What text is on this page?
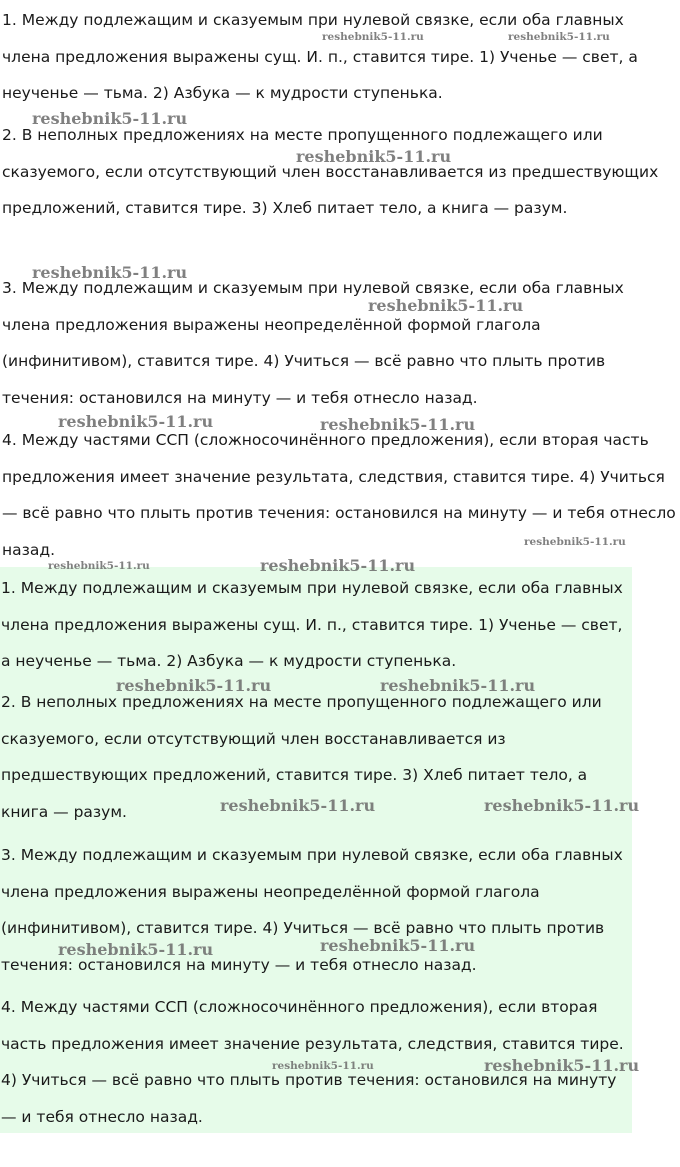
1. Между подлежащим и сказуемым при нулевой связке, если оба главных члена предложения выражены сущ. И. п., ставится тире. 1) Ученье — свет, а неученье — тьма. 2) Азбука — к мудрости ступенька.

2. В неполных предложениях на месте пропущенного подлежащего или сказуемого, если отсутствующий член восстанавливается из предшествующих предложений, ставится тире. 3) Хлеб питает тело, а книга — разум.

3. Между подлежащим и сказуемым при нулевой связке, если оба главных члена предложения выражены неопределённой формой глагола (инфинитивом), ставится тире. 4) Учиться — всё равно что плыть против течения: остановился на минуту — и тебя отнесло назад.

4. Между частями ССП (сложносочинённого предложения), если вторая часть предложения имеет значение результата, следствия, ставится тире. 4) Учиться — всё равно что плыть против течения: остановился на минуту — и тебя отнесло назад.

1. Между подлежащим и сказуемым при нулевой связке, если оба главных члена предложения выражены сущ. И. п., ставится тире. 1) Ученье — свет, а неученье — тьма. 2) Азбука — к мудрости ступенька.

2. В неполных предложениях на месте пропущенного подлежащего или сказуемого, если отсутствующий член восстанавливается из предшествующих предложений, ставится тире. 3) Хлеб питает тело, а книга — разум.

3. Между подлежащим и сказуемым при нулевой связке, если оба главных члена предложения выражены неопределённой формой глагола (инфинитивом), ставится тире. 4) Учиться — всё равно что плыть против течения: остановился на минуту — и тебя отнесло назад.

4. Между частями ССП (сложносочинённого предложения), если вторая часть предложения имеет значение результата, следствия, ставится тире. 4) Учиться — всё равно что плыть против течения: остановился на минуту — и тебя отнесло назад.

reshebnik5-11.ru	reshebnik5-11.ru
reshebnik5-11.ru
reshebnik5-11.ru
reshebnik5-11.ru
reshebnik5-11.ru
reshebnik5-11.ru	reshebnik5-11.ru
reshebnik5-11.ru
reshebnik5-11.ru	reshebnik5-11.ru
reshebnik5-11.ru	reshebnik5-11.ru
reshebnik5-11.ru	reshebnik5-11.ru
reshebnik5-11.ru	reshebnik5-11.ru
reshebnik5-11.ru	reshebnik5-11.ru
